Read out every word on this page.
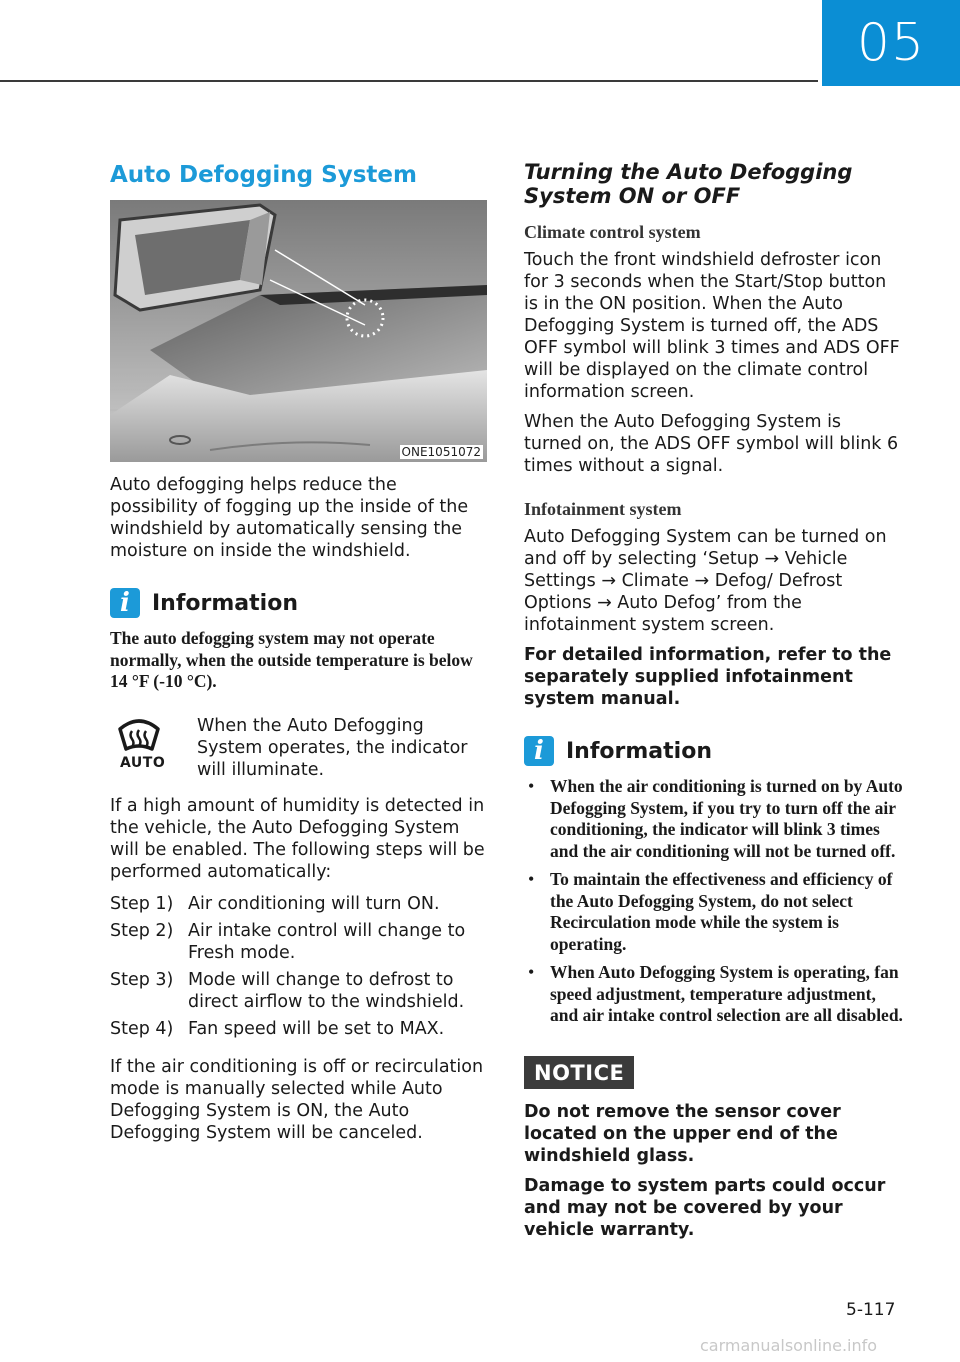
05
Auto Defogging System
ONE1051072

Auto defogging helps reduce the possibility of fogging up the inside of the windshield by automatically sensing the moisture on inside the windshield.

i	Information

The auto defogging system may not operate normally, when the outside temperature is below 14 °F (-10 °C).

AUTO

When the Auto Defogging System operates, the indicator will illuminate.

If a high amount of humidity is detected in the vehicle, the Auto Defogging System will be enabled. The following steps will be performed automatically:

Step 1) Air conditioning will turn ON.
Step 2) Air intake control will change to Fresh mode.
Step 3) Mode will change to defrost to direct airflow to the windshield.
Step 4) Fan speed will be set to MAX.

If the air conditioning is off or recirculation mode is manually selected while Auto Defogging System is ON, the Auto Defogging System will be canceled.

Turning the Auto Defogging System ON or OFF
Climate control system

Touch the front windshield defroster icon for 3 seconds when the Start/Stop button is in the ON position. When the Auto Defogging System is turned off, the ADS OFF symbol will blink 3 times and ADS OFF will be displayed on the climate control information screen.

When the Auto Defogging System is turned on, the ADS OFF symbol will blink 6 times without a signal.

Infotainment system

Auto Defogging System can be turned on and off by selecting ‘Setup → Vehicle Settings → Climate → Defog/ Defrost Options → Auto Defog’ from the infotainment system screen.

For detailed information, refer to the separately supplied infotainment system manual.

i	Information
• When the air conditioning is turned on by Auto Defogging System, if you try to turn off the air conditioning, the indicator will blink 3 times and the air conditioning will not be turned off.
• To maintain the effectiveness and efficiency of the Auto Defogging System, do not select Recirculation mode while the system is operating.
• When Auto Defogging System is operating, fan speed adjustment, temperature adjustment, and air intake control selection are all disabled.
NOTICE

Do not remove the sensor cover located on the upper end of the windshield glass.

Damage to system parts could occur and may not be covered by your vehicle warranty.

5-117
carmanualsonline.info
